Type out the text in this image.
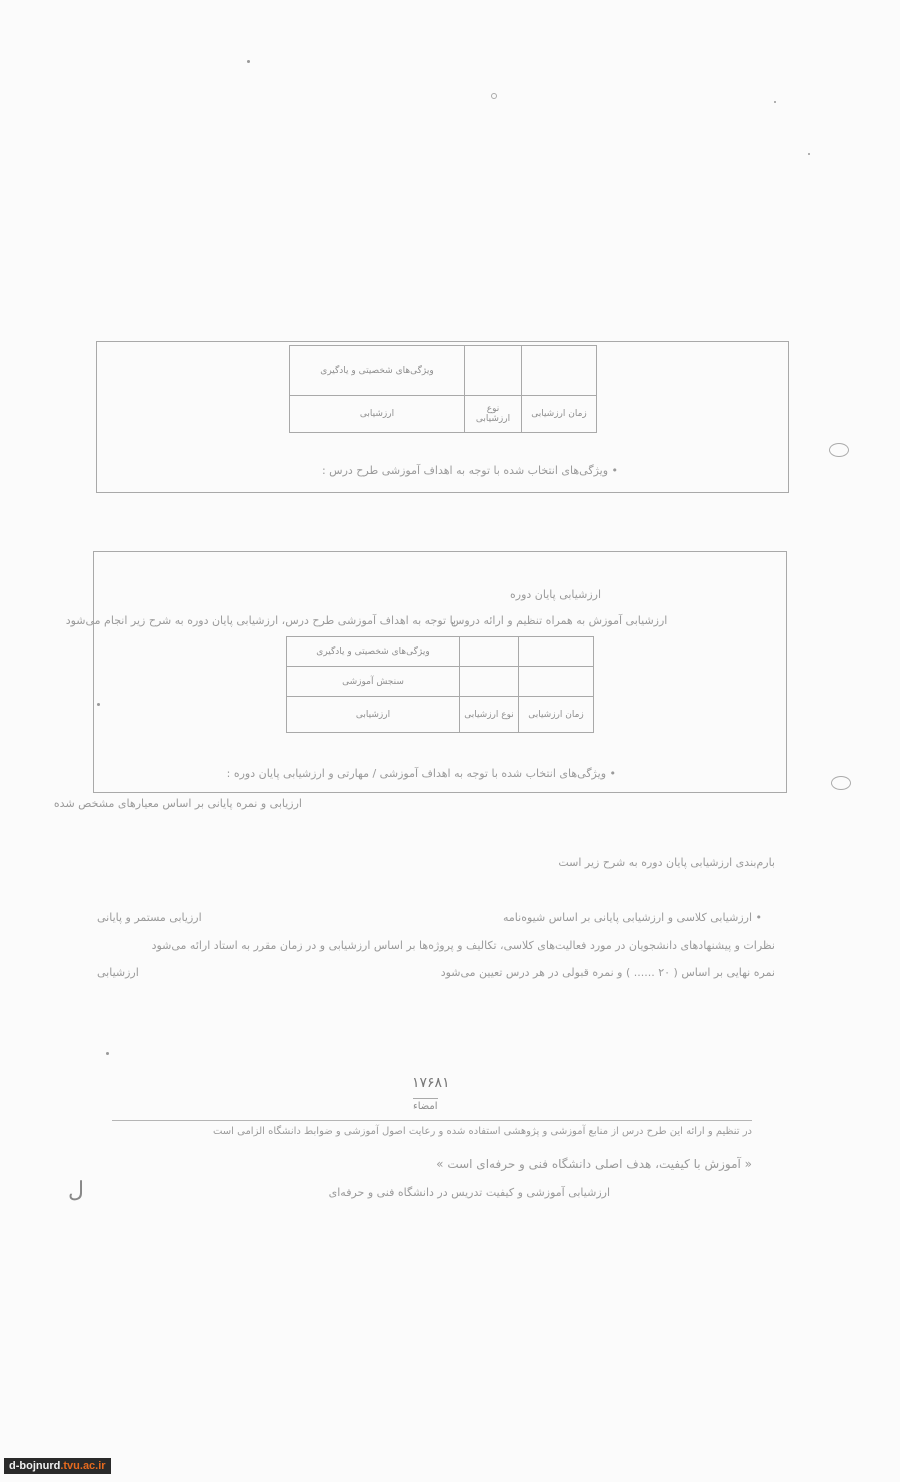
ویژگی‌های شخصیتی و یادگیری		
ارزشیابی	نوع ارزشیابی	زمان ارزشیابی
• ویژگی‌های انتخاب شده با توجه به اهداف آموزشی طرح درس :
ارزشیابی پایان دوره
با توجه به اهداف آموزشی طرح درس، ارزشیابی پایان دوره به شرح زیر انجام می‌شود
ارزشیابی آموزش به همراه تنظیم و ارائه دروس
ویژگی‌های شخصیتی و یادگیری		
سنجش آموزشی		
ارزشیابی	نوع ارزشیابی	زمان ارزشیابی
• ویژگی‌های انتخاب شده با توجه به اهداف آموزشی / مهارتی و ارزشیابی پایان دوره :
ارزیابی و نمره پایانی بر اساس معیارهای مشخص شده
بارم‌بندی ارزشیابی پایان دوره به شرح زیر است
• ارزشیابی کلاسی و ارزشیابی پایانی بر اساس شیوه‌نامه
ارزیابی مستمر و پایانی
نظرات و پیشنهادهای دانشجویان در مورد فعالیت‌های کلاسی، تکالیف و پروژه‌ها بر اساس ارزشیابی و در زمان مقرر به استاد ارائه می‌شود
نمره نهایی بر اساس ( ۲۰ ...... ) و نمره قبولی در هر درس تعیین می‌شود
ارزشیابی
۱۷۶۸۱
امضاء
در تنظیم و ارائه این طرح درس از منابع آموزشی و پژوهشی استفاده شده و رعایت اصول آموزشی و ضوابط دانشگاه الزامی است
« آموزش با کیفیت، هدف اصلی دانشگاه فنی و حرفه‌ای است »
ارزشیابی آموزشی و کیفیت تدریس در دانشگاه فنی و حرفه‌ای
ل
d-bojnurd.tvu.ac.ir
